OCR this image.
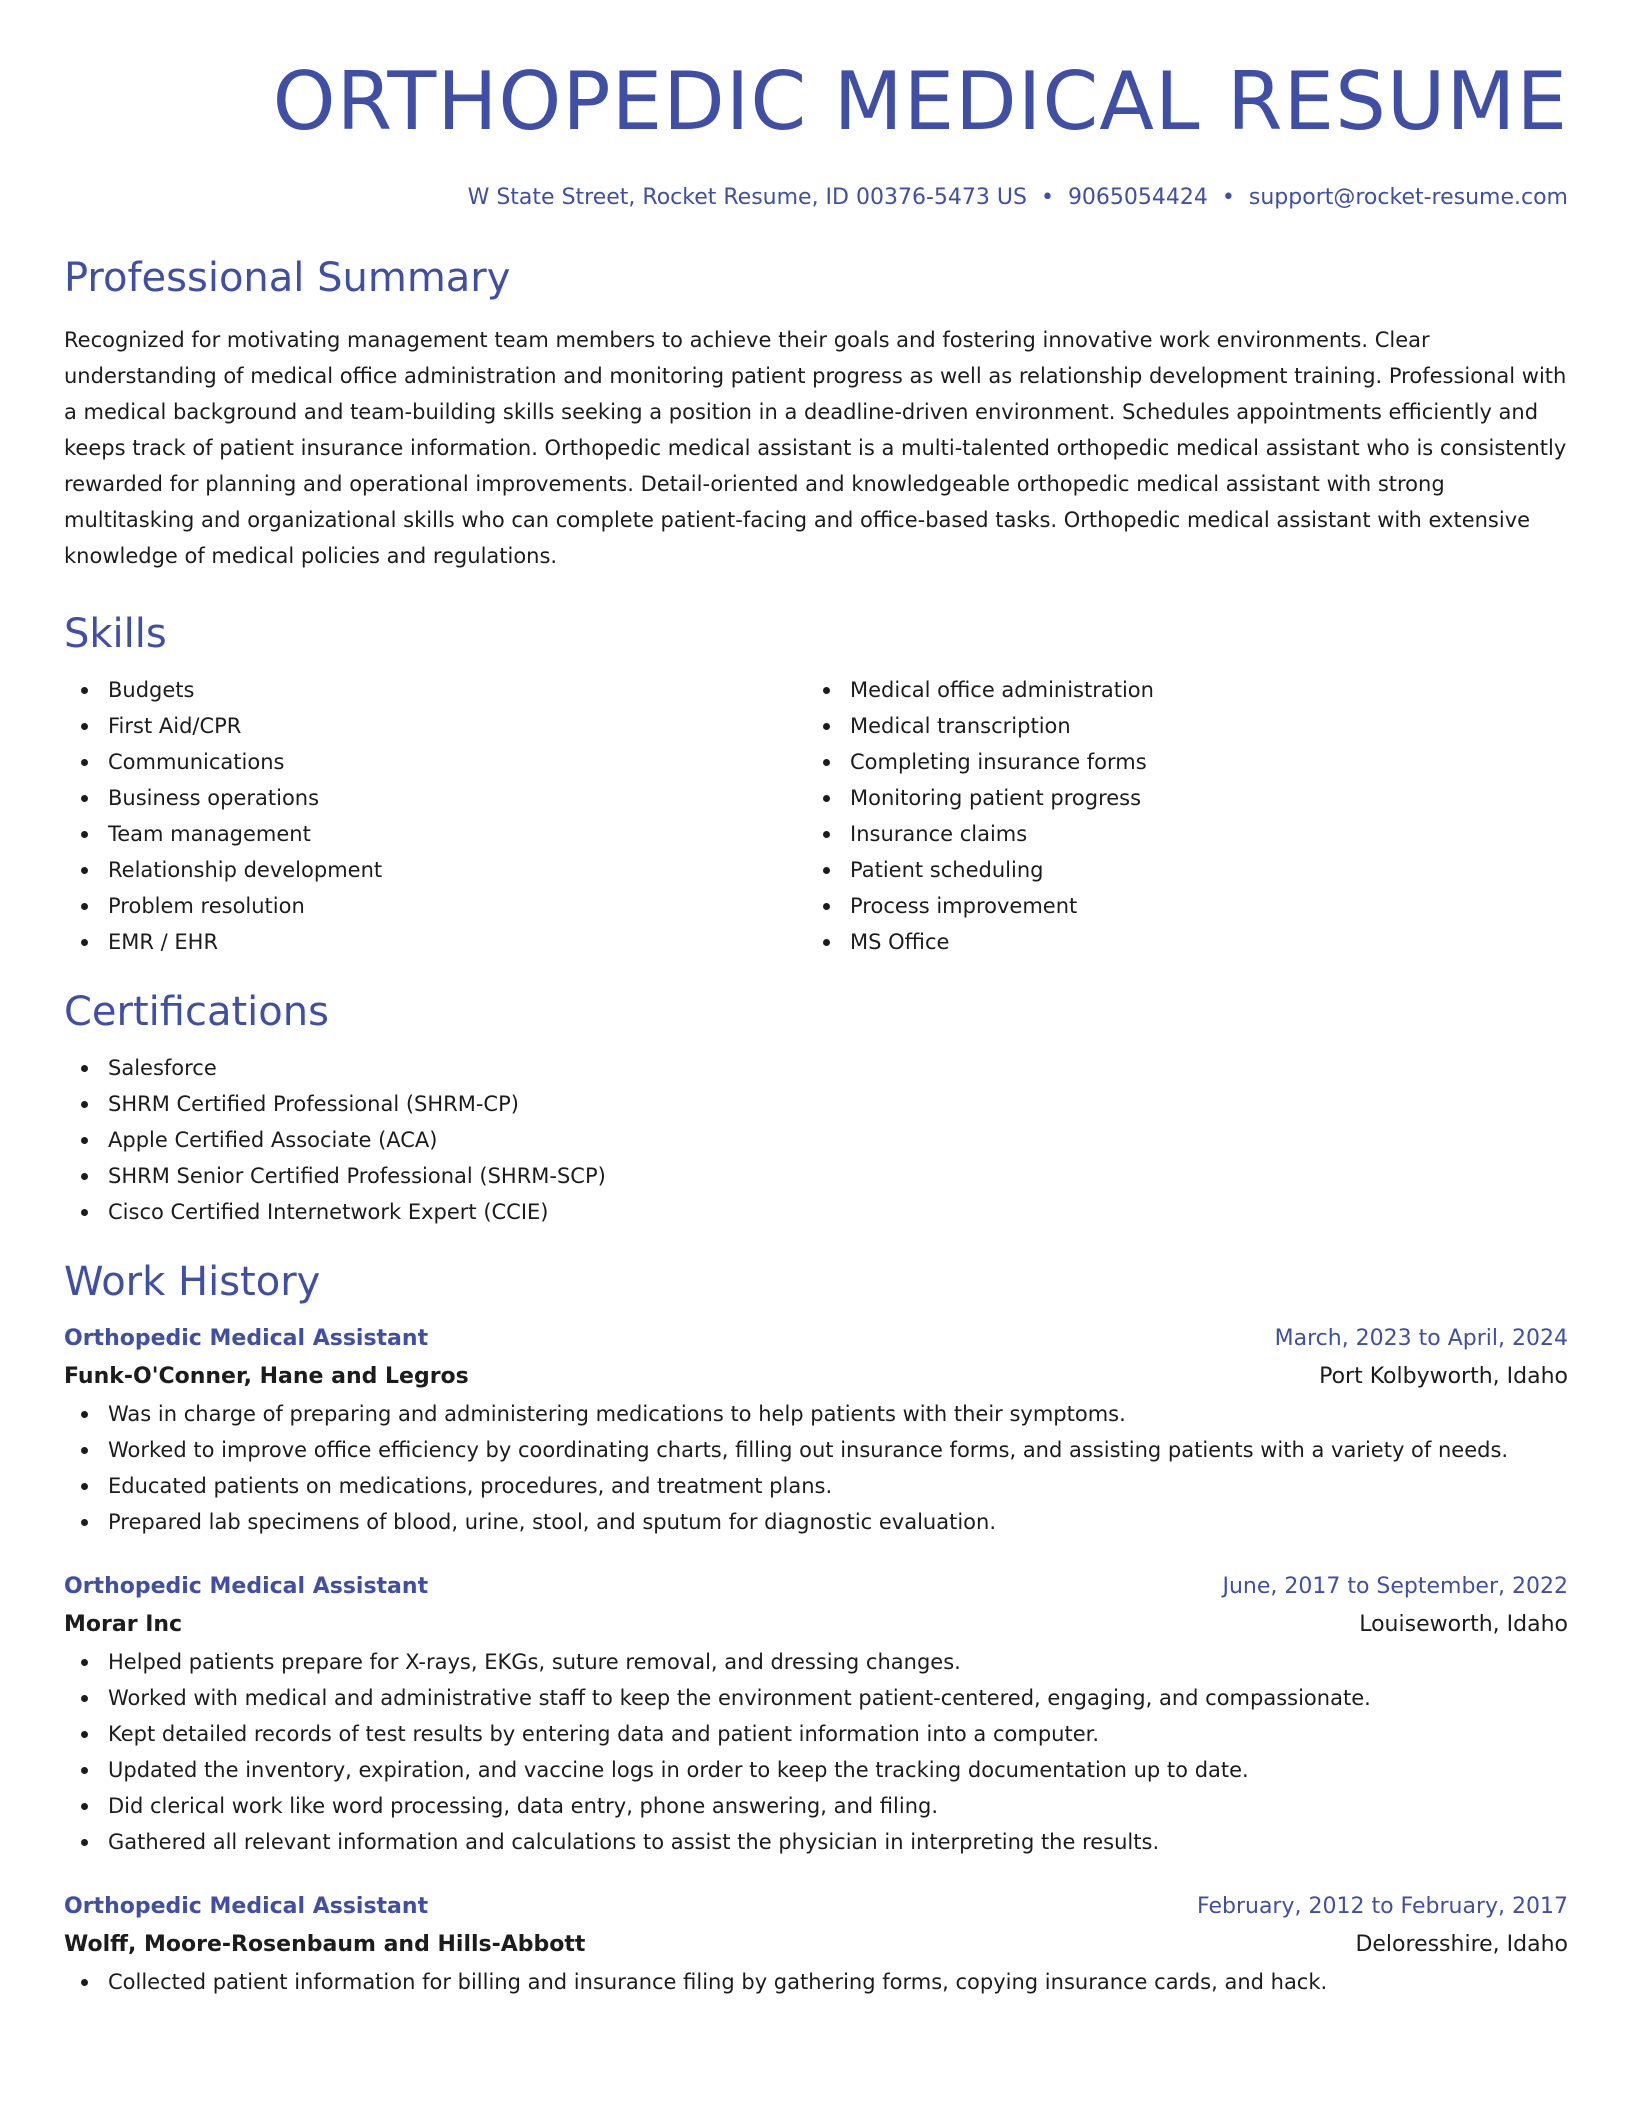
ORTHOPEDIC MEDICAL RESUME
W State Street, Rocket Resume, ID 00376-5473 US • 9065054424 • support@rocket-resume.com
Professional Summary

Recognized for motivating management team members to achieve their goals and fostering innovative work environments. Clear understanding of medical office administration and monitoring patient progress as well as relationship development training. Professional with a medical background and team-building skills seeking a position in a deadline-driven environment. Schedules appointments efficiently and keeps track of patient insurance information. Orthopedic medical assistant is a multi-talented orthopedic medical assistant who is consistently rewarded for planning and operational improvements. Detail-oriented and knowledgeable orthopedic medical assistant with strong multitasking and organizational skills who can complete patient-facing and office-based tasks. Orthopedic medical assistant with extensive knowledge of medical policies and regulations.

Skills
Budgets
First Aid/CPR
Communications
Business operations
Team management
Relationship development
Problem resolution
EMR / EHR
Medical office administration
Medical transcription
Completing insurance forms
Monitoring patient progress
Insurance claims
Patient scheduling
Process improvement
MS Office
Certifications
Salesforce
SHRM Certified Professional (SHRM-CP)
Apple Certified Associate (ACA)
SHRM Senior Certified Professional (SHRM-SCP)
Cisco Certified Internetwork Expert (CCIE)
Work History
Orthopedic Medical Assistant	March, 2023 to April, 2024
Funk-O'Conner, Hane and Legros	Port Kolbyworth, Idaho
Was in charge of preparing and administering medications to help patients with their symptoms.
Worked to improve office efficiency by coordinating charts, filling out insurance forms, and assisting patients with a variety of needs.
Educated patients on medications, procedures, and treatment plans.
Prepared lab specimens of blood, urine, stool, and sputum for diagnostic evaluation.
Orthopedic Medical Assistant	June, 2017 to September, 2022
Morar Inc	Louiseworth, Idaho
Helped patients prepare for X-rays, EKGs, suture removal, and dressing changes.
Worked with medical and administrative staff to keep the environment patient-centered, engaging, and compassionate.
Kept detailed records of test results by entering data and patient information into a computer.
Updated the inventory, expiration, and vaccine logs in order to keep the tracking documentation up to date.
Did clerical work like word processing, data entry, phone answering, and filing.
Gathered all relevant information and calculations to assist the physician in interpreting the results.
Orthopedic Medical Assistant	February, 2012 to February, 2017
Wolff, Moore-Rosenbaum and Hills-Abbott	Deloresshire, Idaho
Collected patient information for billing and insurance filing by gathering forms, copying insurance cards, and hack.
